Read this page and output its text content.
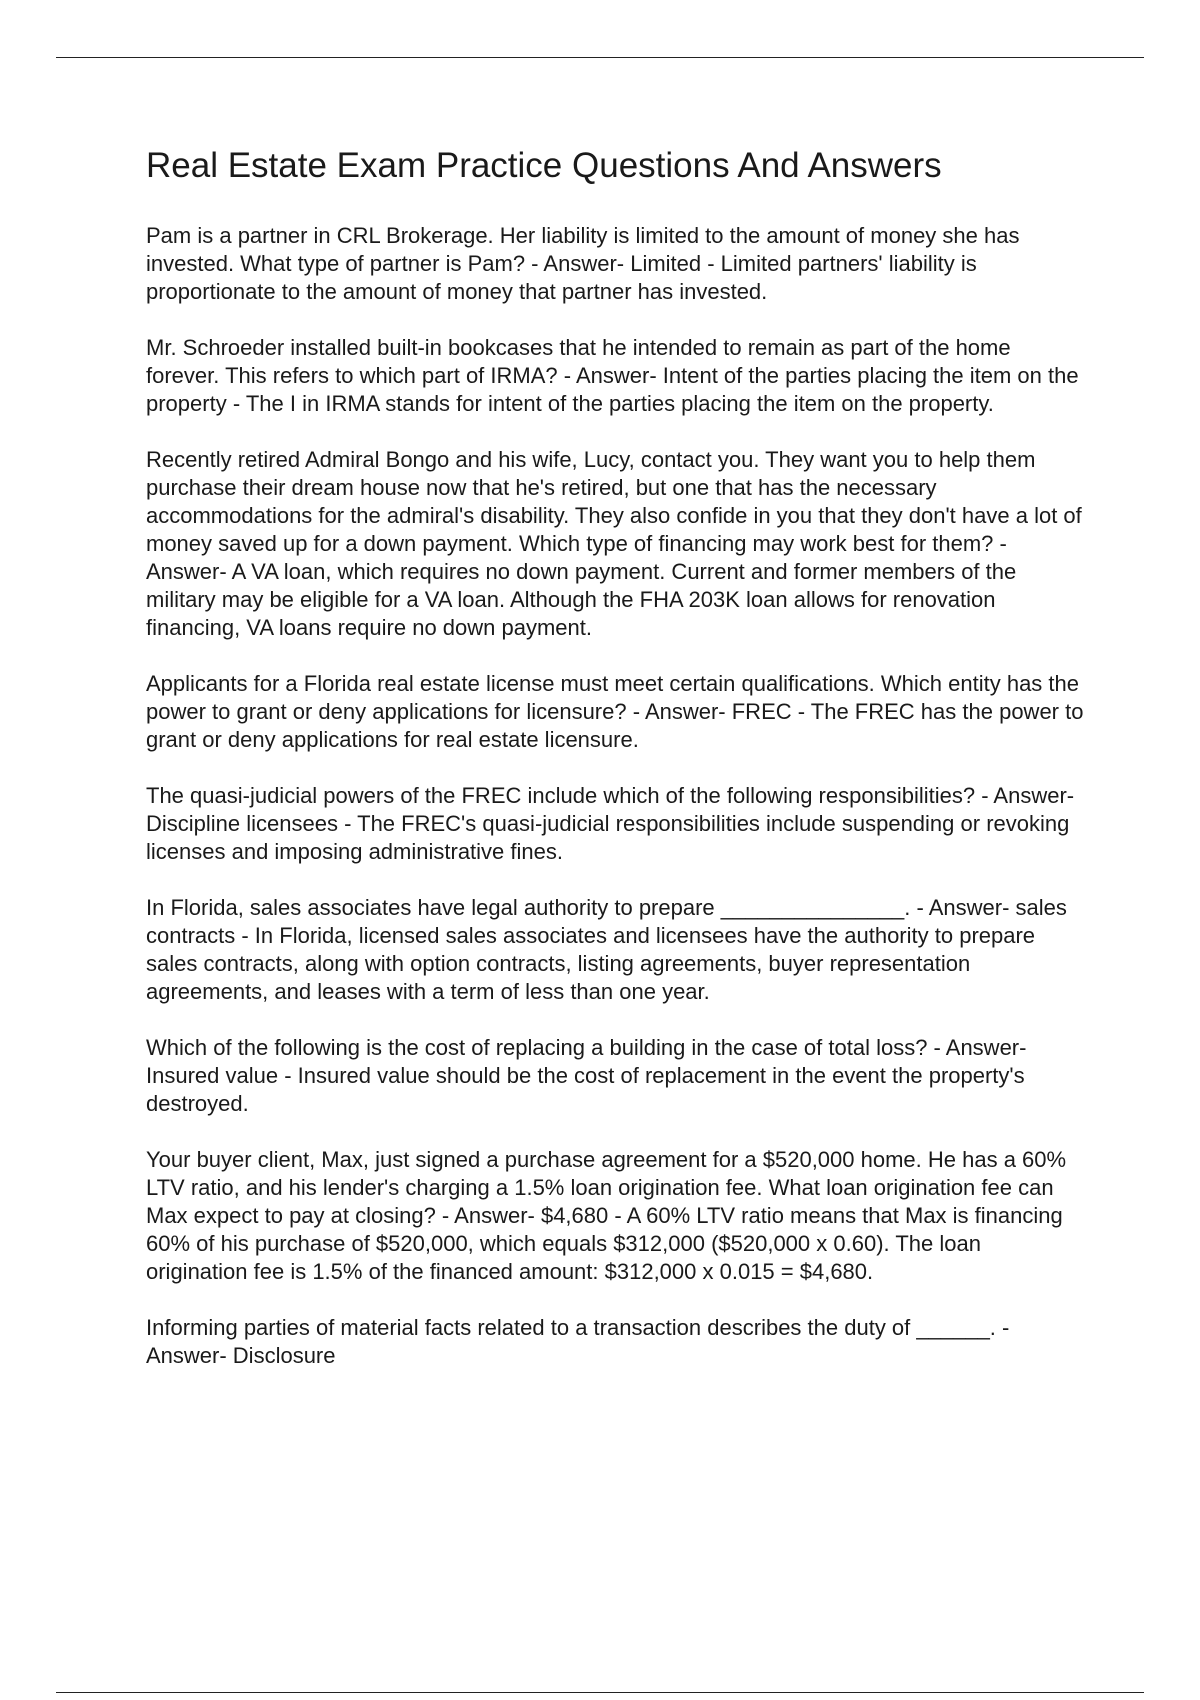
Real Estate Exam Practice Questions And Answers

Pam is a partner in CRL Brokerage. Her liability is limited to the amount of money she has invested. What type of partner is Pam? - Answer- Limited - Limited partners' liability is proportionate to the amount of money that partner has invested.

Mr. Schroeder installed built-in bookcases that he intended to remain as part of the home forever. This refers to which part of IRMA? - Answer- Intent of the parties placing the item on the property - The I in IRMA stands for intent of the parties placing the item on the property.

Recently retired Admiral Bongo and his wife, Lucy, contact you. They want you to help them purchase their dream house now that he's retired, but one that has the necessary accommodations for the admiral's disability. They also confide in you that they don't have a lot of money saved up for a down payment. Which type of financing may work best for them? - Answer- A VA loan, which requires no down payment. Current and former members of the military may be eligible for a VA loan. Although the FHA 203K loan allows for renovation financing, VA loans require no down payment.

Applicants for a Florida real estate license must meet certain qualifications. Which entity has the power to grant or deny applications for licensure? - Answer- FREC - The FREC has the power to grant or deny applications for real estate licensure.

The quasi-judicial powers of the FREC include which of the following responsibilities? - Answer- Discipline licensees - The FREC's quasi-judicial responsibilities include suspending or revoking licenses and imposing administrative fines.

In Florida, sales associates have legal authority to prepare _______________. - Answer- sales contracts - In Florida, licensed sales associates and licensees have the authority to prepare sales contracts, along with option contracts, listing agreements, buyer representation agreements, and leases with a term of less than one year.

Which of the following is the cost of replacing a building in the case of total loss? - Answer- Insured value - Insured value should be the cost of replacement in the event the property's destroyed.

Your buyer client, Max, just signed a purchase agreement for a $520,000 home. He has a 60% LTV ratio, and his lender's charging a 1.5% loan origination fee. What loan origination fee can Max expect to pay at closing? - Answer- $4,680 - A 60% LTV ratio means that Max is financing 60% of his purchase of $520,000, which equals $312,000 ($520,000 x 0.60). The loan origination fee is 1.5% of the financed amount: $312,000 x 0.015 = $4,680.

Informing parties of material facts related to a transaction describes the duty of ______. - Answer- Disclosure
